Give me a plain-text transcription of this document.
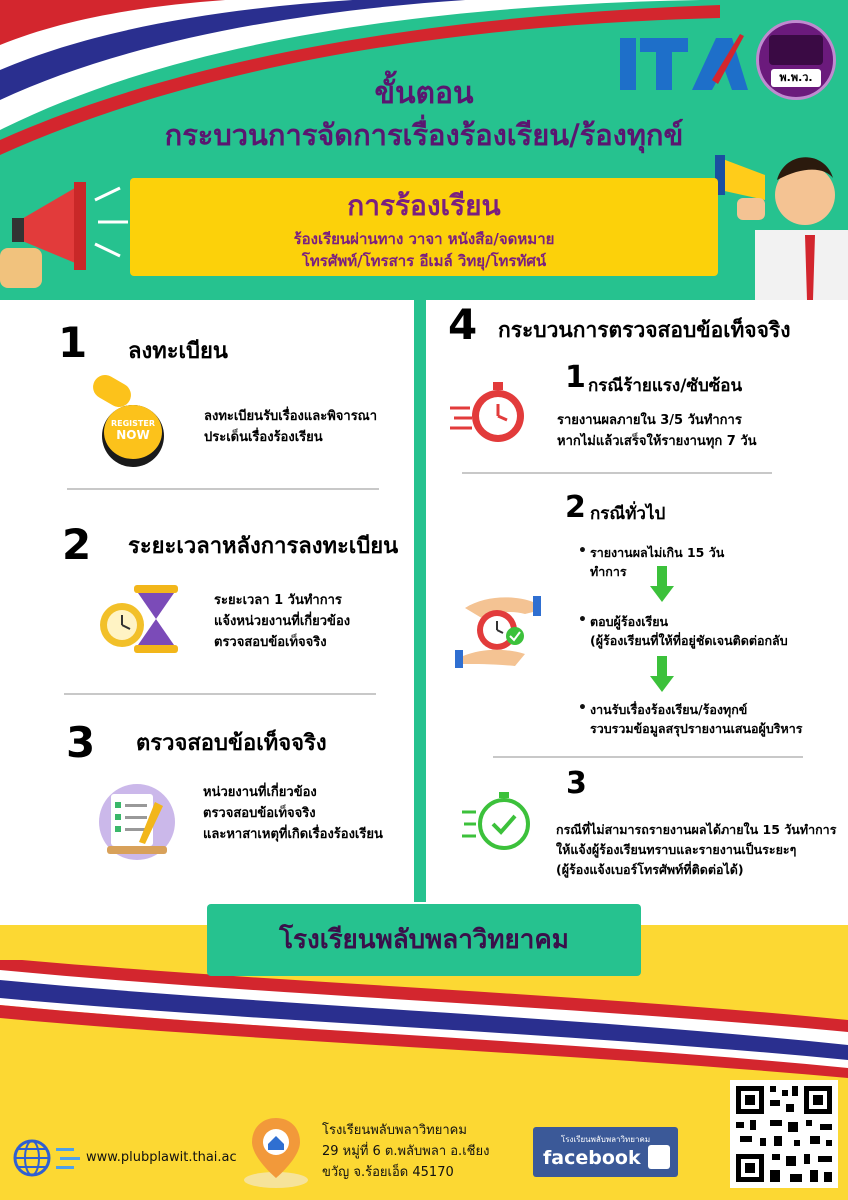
ขั้นตอน
กระบวนการจัดการเรื่องร้องเรียน/ร้องทุกข์
พ.พ.ว.
การร้องเรียน
ร้องเรียนผ่านทาง วาจา หนังสือ/จดหมาย
โทรศัพท์/โทรสาร อีเมล์ วิทยุ/โทรทัศน์
1 ลงทะเบียน
REGISTER
NOW
ลงทะเบียนรับเรื่องและพิจารณา
ประเด็นเรื่องร้องเรียน
2 ระยะเวลาหลังการลงทะเบียน
ระยะเวลา 1 วันทำการ
แจ้งหน่วยงานที่เกี่ยวข้อง
ตรวจสอบข้อเท็จจริง
3 ตรวจสอบข้อเท็จจริง
หน่วยงานที่เกี่ยวข้อง
ตรวจสอบข้อเท็จจริง
และหาสาเหตุที่เกิดเรื่องร้องเรียน
4 กระบวนการตรวจสอบข้อเท็จจริง
1 กรณีร้ายแรง/ซับซ้อน
รายงานผลภายใน 3/5 วันทำการ
หากไม่แล้วเสร็จให้รายงานทุก 7 วัน
2 กรณีทั่วไป
• รายงานผลไม่เกิน 15 วัน
ทำการ
• ตอบผู้ร้องเรียน
(ผู้ร้องเรียนที่ให้ที่อยู่ชัดเจนติดต่อกลับ
• งานรับเรื่องร้องเรียน/ร้องทุกข์
รวบรวมข้อมูลสรุปรายงานเสนอผู้บริหาร
3
กรณีที่ไม่สามารถรายงานผลได้ภายใน 15 วันทำการ
ให้แจ้งผู้ร้องเรียนทราบและรายงานเป็นระยะๆ
(ผู้ร้องแจ้งเบอร์โทรศัพท์ที่ติดต่อได้)
โรงเรียนพลับพลาวิทยาคม
www.plubplawit.thai.ac
โรงเรียนพลับพลาวิทยาคม
29 หมู่ที่ 6 ต.พลับพลา อ.เชียง
ขวัญ จ.ร้อยเอ็ด 45170
โรงเรียนพลับพลาวิทยาคม
facebook
